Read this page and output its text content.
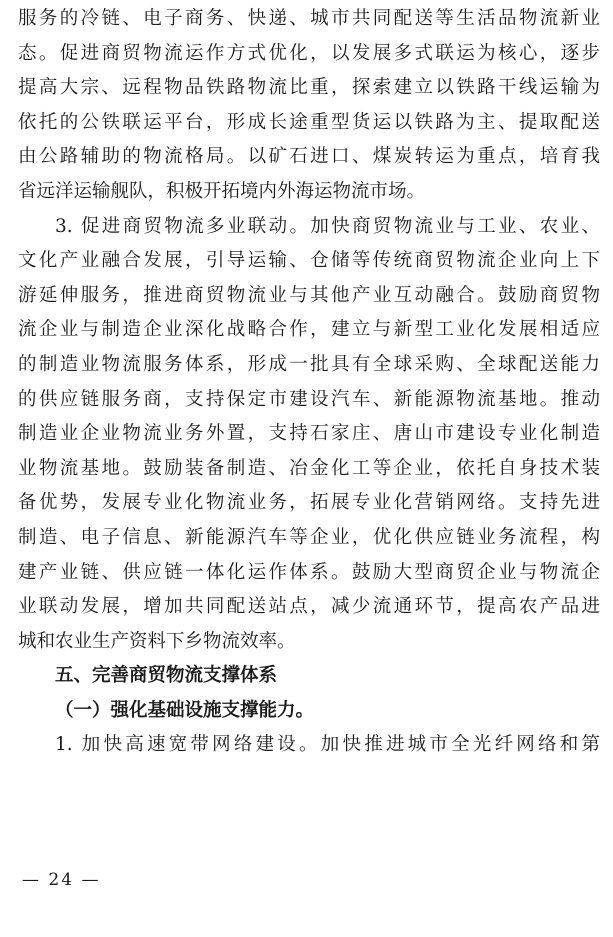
服务的冷链、电子商务、快递、城市共同配送等生活品物流新业
态。促进商贸物流运作方式优化，以发展多式联运为核心，逐步
提高大宗、远程物品铁路物流比重，探索建立以铁路干线运输为
依托的公铁联运平台，形成长途重型货运以铁路为主、提取配送
由公路辅助的物流格局。以矿石进口、煤炭转运为重点，培育我
省远洋运输舰队，积极开拓境内外海运物流市场。
3. 促进商贸物流多业联动。加快商贸物流业与工业、农业、
文化产业融合发展，引导运输、仓储等传统商贸物流企业向上下
游延伸服务，推进商贸物流业与其他产业互动融合。鼓励商贸物
流企业与制造企业深化战略合作，建立与新型工业化发展相适应
的制造业物流服务体系，形成一批具有全球采购、全球配送能力
的供应链服务商，支持保定市建设汽车、新能源物流基地。推动
制造业企业物流业务外置，支持石家庄、唐山市建设专业化制造
业物流基地。鼓励装备制造、冶金化工等企业，依托自身技术装
备优势，发展专业化物流业务，拓展专业化营销网络。支持先进
制造、电子信息、新能源汽车等企业，优化供应链业务流程，构
建产业链、供应链一体化运作体系。鼓励大型商贸企业与物流企
业联动发展，增加共同配送站点，减少流通环节，提高农产品进
城和农业生产资料下乡物流效率。
五、完善商贸物流支撑体系
（一）强化基础设施支撑能力。
1. 加快高速宽带网络建设。加快推进城市全光纤网络和第
— 24 —
